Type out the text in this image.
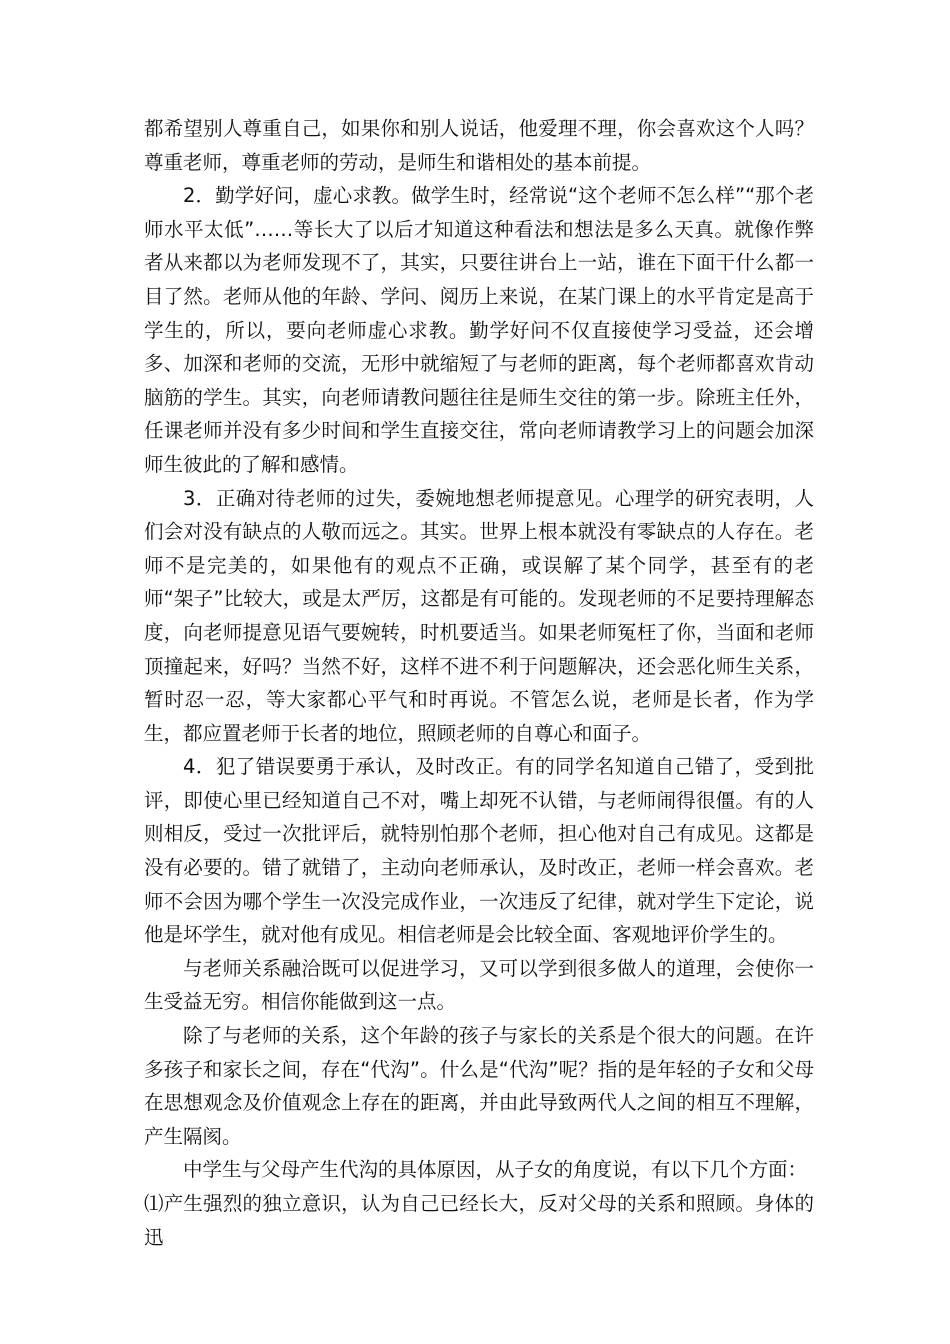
都希望别人尊重自己，如果你和别人说话，他爱理不理，你会喜欢这个人吗？尊重老师，尊重老师的劳动，是师生和谐相处的基本前提。

2．勤学好问，虚心求教。做学生时，经常说“这个老师不怎么样”“那个老师水平太低”……等长大了以后才知道这种看法和想法是多么天真。就像作弊者从来都以为老师发现不了，其实，只要往讲台上一站，谁在下面干什么都一目了然。老师从他的年龄、学问、阅历上来说，在某门课上的水平肯定是高于学生的，所以，要向老师虚心求教。勤学好问不仅直接使学习受益，还会增多、加深和老师的交流，无形中就缩短了与老师的距离，每个老师都喜欢肯动脑筋的学生。其实，向老师请教问题往往是师生交往的第一步。除班主任外，任课老师并没有多少时间和学生直接交往，常向老师请教学习上的问题会加深师生彼此的了解和感情。

3．正确对待老师的过失，委婉地想老师提意见。心理学的研究表明，人们会对没有缺点的人敬而远之。其实。世界上根本就没有零缺点的人存在。老师不是完美的，如果他有的观点不正确，或误解了某个同学，甚至有的老师“架子”比较大，或是太严厉，这都是有可能的。发现老师的不足要持理解态度，向老师提意见语气要婉转，时机要适当。如果老师冤枉了你，当面和老师顶撞起来，好吗？当然不好，这样不进不利于问题解决，还会恶化师生关系，暂时忍一忍，等大家都心平气和时再说。不管怎么说，老师是长者，作为学生，都应置老师于长者的地位，照顾老师的自尊心和面子。

4．犯了错误要勇于承认，及时改正。有的同学名知道自己错了，受到批评，即使心里已经知道自己不对，嘴上却死不认错，与老师闹得很僵。有的人则相反，受过一次批评后，就特别怕那个老师，担心他对自己有成见。这都是没有必要的。错了就错了，主动向老师承认，及时改正，老师一样会喜欢。老师不会因为哪个学生一次没完成作业，一次违反了纪律，就对学生下定论，说他是坏学生，就对他有成见。相信老师是会比较全面、客观地评价学生的。

与老师关系融洽既可以促进学习，又可以学到很多做人的道理，会使你一生受益无穷。相信你能做到这一点。

除了与老师的关系，这个年龄的孩子与家长的关系是个很大的问题。在许多孩子和家长之间，存在“代沟”。什么是“代沟”呢？指的是年轻的子女和父母在思想观念及价值观念上存在的距离，并由此导致两代人之间的相互不理解，产生隔阂。

中学生与父母产生代沟的具体原因，从子女的角度说，有以下几个方面：

⑴产生强烈的独立意识，认为自己已经长大，反对父母的关系和照顾。身体的迅
